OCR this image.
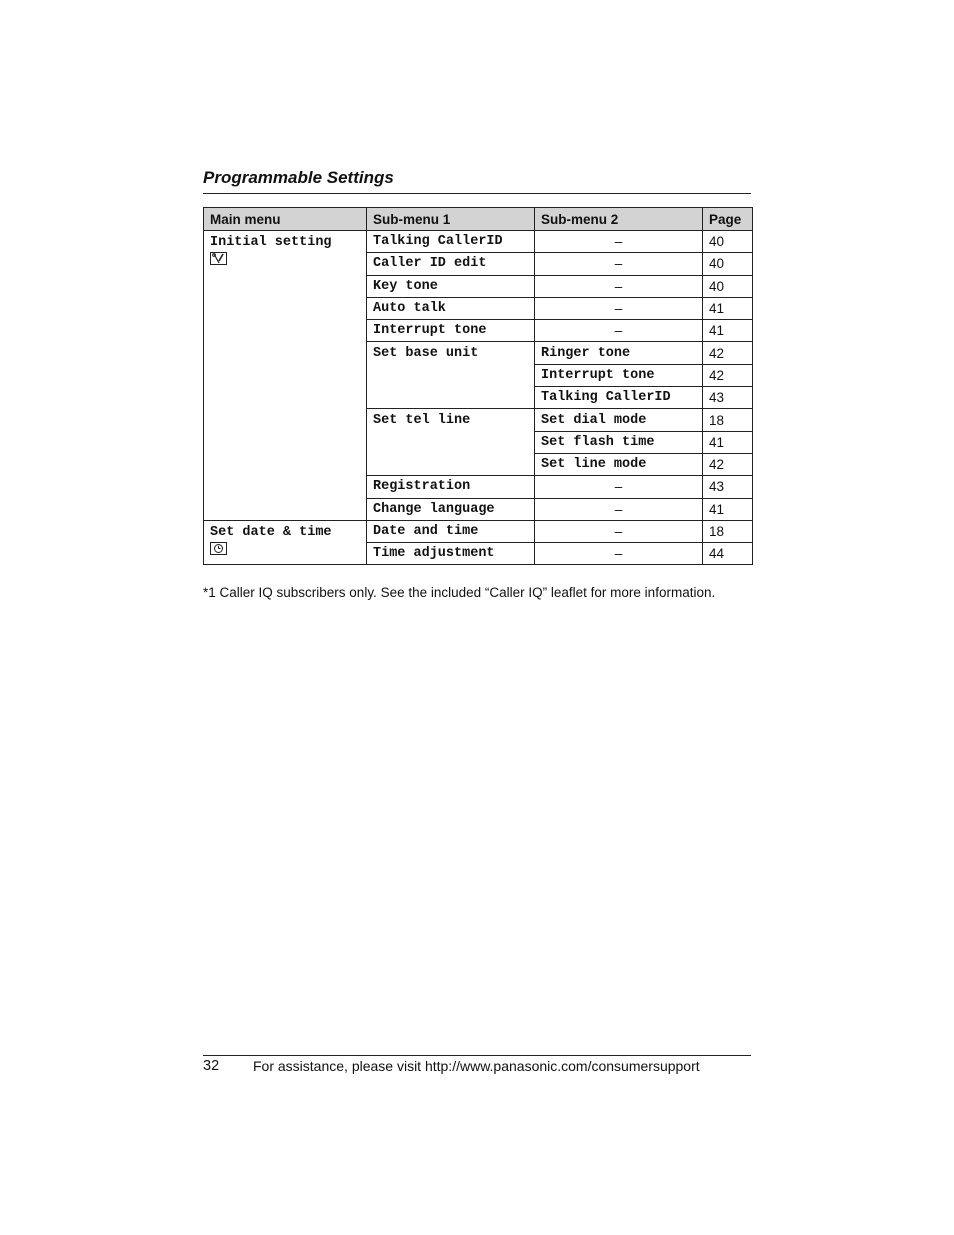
Programmable Settings
Main menu	Sub-menu 1	Sub-menu 2	Page

Initial setting	Talking CallerID	–	40
	Caller ID edit	–	40
	Key tone	–	40
	Auto talk	–	41
	Interrupt tone	–	41
	Set base unit	Ringer tone	42
		Interrupt tone	42
		Talking CallerID	43
	Set tel line	Set dial mode	18
		Set flash time	41
		Set line mode	42
	Registration	–	43
	Change language	–	41

Set date & time	Date and time	–	18
	Time adjustment	–	44
*1 Caller IQ subscribers only. See the included “Caller IQ” leaflet for more information.
32 For assistance, please visit http://www.panasonic.com/consumersupport
